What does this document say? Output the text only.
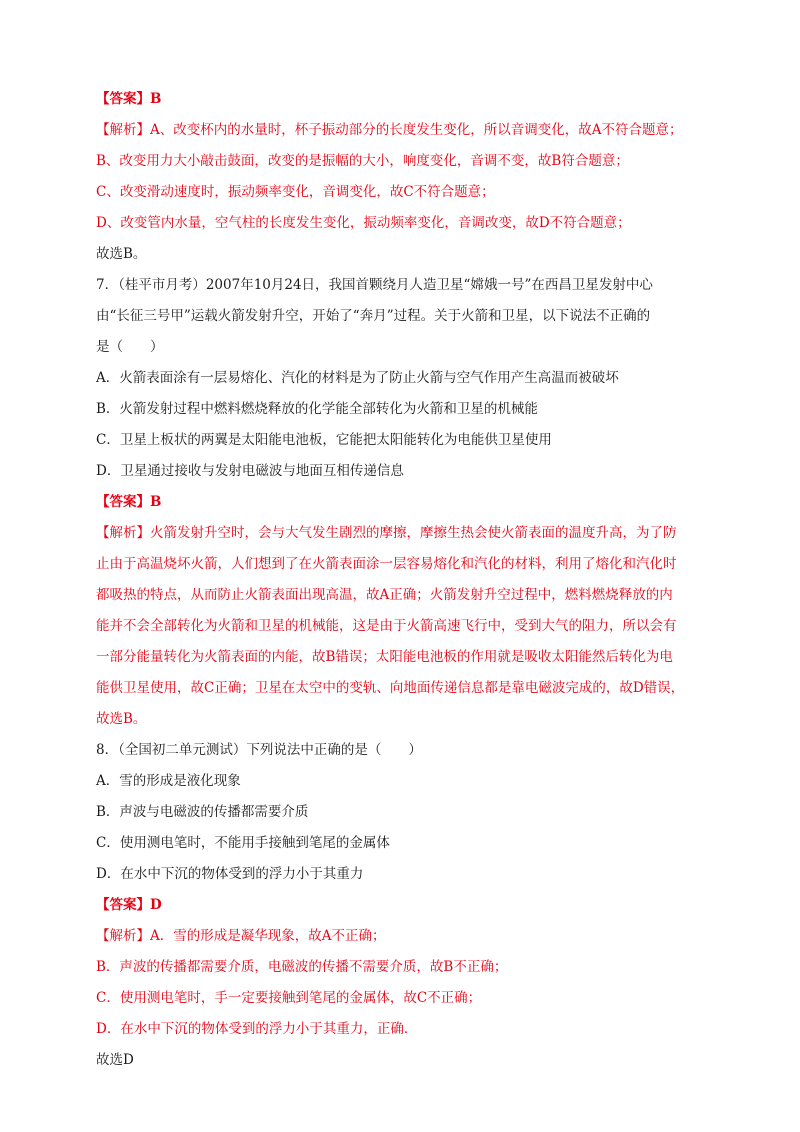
【答案】B
【解析】A、改变杯内的水量时，杯子振动部分的长度发生变化，所以音调变化，故A不符合题意；
B、改变用力大小敲击鼓面，改变的是振幅的大小，响度变化，音调不变，故B符合题意；
C、改变滑动速度时，振动频率变化，音调变化，故C不符合题意；
D、改变管内水量，空气柱的长度发生变化，振动频率变化，音调改变，故D不符合题意；
故选B。
7．（桂平市月考）2007年10月24日，我国首颗绕月人造卫星“嫦娥一号”在西昌卫星发射中心
由“长征三号甲”运载火箭发射升空，开始了“奔月”过程。关于火箭和卫星，以下说法不正确的
是（　　）
A．火箭表面涂有一层易熔化、汽化的材料是为了防止火箭与空气作用产生高温而被破坏
B．火箭发射过程中燃料燃烧释放的化学能全部转化为火箭和卫星的机械能
C．卫星上板状的两翼是太阳能电池板，它能把太阳能转化为电能供卫星使用
D．卫星通过接收与发射电磁波与地面互相传递信息
【答案】B
【解析】火箭发射升空时，会与大气发生剧烈的摩擦，摩擦生热会使火箭表面的温度升高，为了防
止由于高温烧坏火箭，人们想到了在火箭表面涂一层容易熔化和汽化的材料，利用了熔化和汽化时
都吸热的特点，从而防止火箭表面出现高温，故A正确；火箭发射升空过程中，燃料燃烧释放的内
能并不会全部转化为火箭和卫星的机械能，这是由于火箭高速飞行中，受到大气的阻力，所以会有
一部分能量转化为火箭表面的内能，故B错误；太阳能电池板的作用就是吸收太阳能然后转化为电
能供卫星使用，故C正确；卫星在太空中的变轨、向地面传递信息都是靠电磁波完成的，故D错误，
故选B。
8．（全国初二单元测试）下列说法中正确的是（　　）
A．雪的形成是液化现象
B．声波与电磁波的传播都需要介质
C．使用测电笔时，不能用手接触到笔尾的金属体
D．在水中下沉的物体受到的浮力小于其重力
【答案】D
【解析】A．雪的形成是凝华现象，故A不正确；
B．声波的传播都需要介质，电磁波的传播不需要介质，故B不正确；
C．使用测电笔时，手一定要接触到笔尾的金属体，故C不正确；
D．在水中下沉的物体受到的浮力小于其重力，正确．
故选D
